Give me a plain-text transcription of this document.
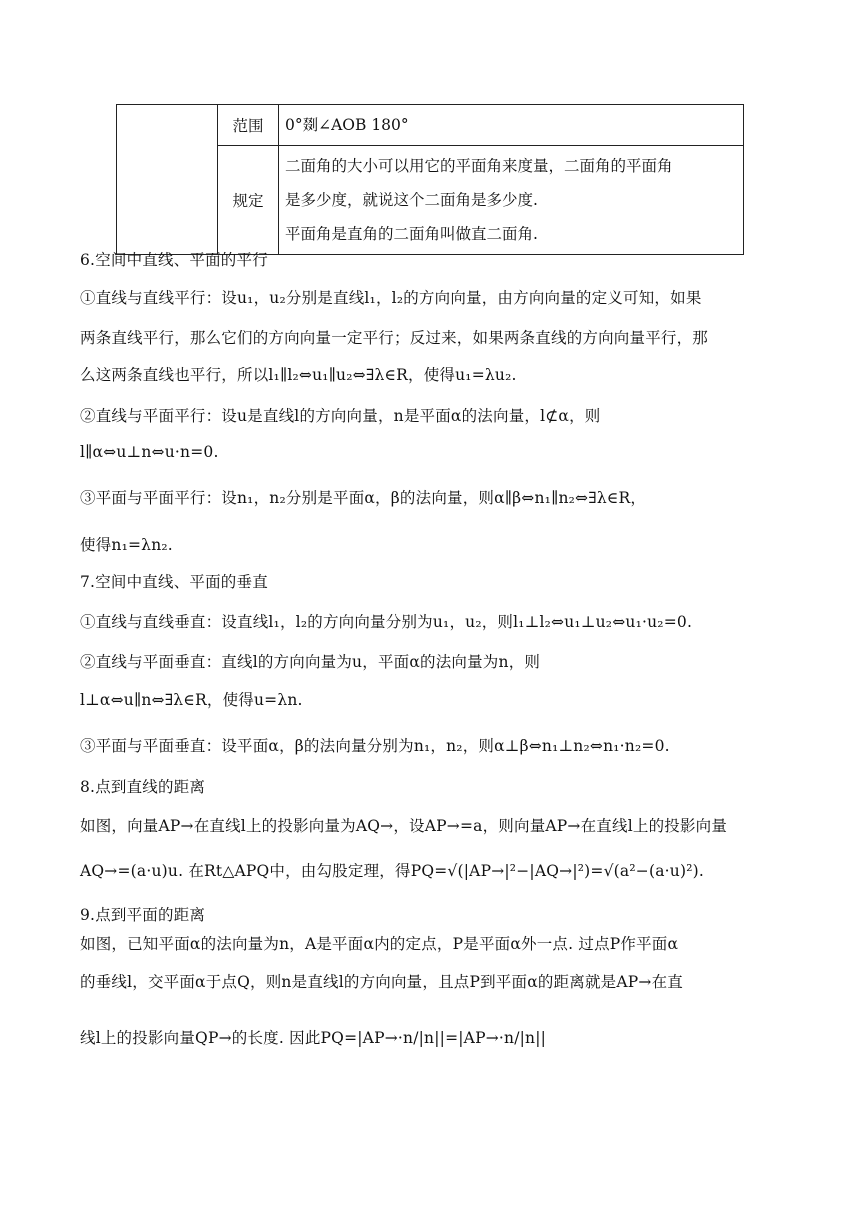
	范围	0°剟∠AOB 180°
	规定	二面角的大小可以用它的平面角来度量，二面角的平面角
是多少度，就说这个二面角是多少度.
平面角是直角的二面角叫做直二面角.
6.空间中直线、平面的平行
①直线与直线平行：设u₁，u₂分别是直线l₁，l₂的方向向量，由方向向量的定义可知，如果
两条直线平行，那么它们的方向向量一定平行；反过来，如果两条直线的方向向量平行，那
么这两条直线也平行，所以l₁∥l₂⇔u₁∥u₂⇔∃λ∈R，使得u₁=λu₂.
②直线与平面平行：设u是直线l的方向向量，n是平面α的法向量，l⊄α，则
l∥α⇔u⊥n⇔u·n=0.
③平面与平面平行：设n₁，n₂分别是平面α，β的法向量，则α∥β⇔n₁∥n₂⇔∃λ∈R，
使得n₁=λn₂.
7.空间中直线、平面的垂直
①直线与直线垂直：设直线l₁，l₂的方向向量分别为u₁，u₂，则l₁⊥l₂⇔u₁⊥u₂⇔u₁·u₂=0.
②直线与平面垂直：直线l的方向向量为u，平面α的法向量为n，则
l⊥α⇔u∥n⇔∃λ∈R，使得u=λn.
③平面与平面垂直：设平面α，β的法向量分别为n₁，n₂，则α⊥β⇔n₁⊥n₂⇔n₁·n₂=0.
8.点到直线的距离
如图，向量AP→在直线l上的投影向量为AQ→，设AP→=a，则向量AP→在直线l上的投影向量
AQ→=(a·u)u. 在Rt△APQ中，由勾股定理，得PQ=√(|AP→|²−|AQ→|²)=√(a²−(a·u)²).
9.点到平面的距离
如图，已知平面α的法向量为n，A是平面α内的定点，P是平面α外一点. 过点P作平面α
的垂线l，交平面α于点Q，则n是直线l的方向向量，且点P到平面α的距离就是AP→在直
线l上的投影向量QP→的长度. 因此PQ=|AP→·n/|n||=|AP→·n/|n||
